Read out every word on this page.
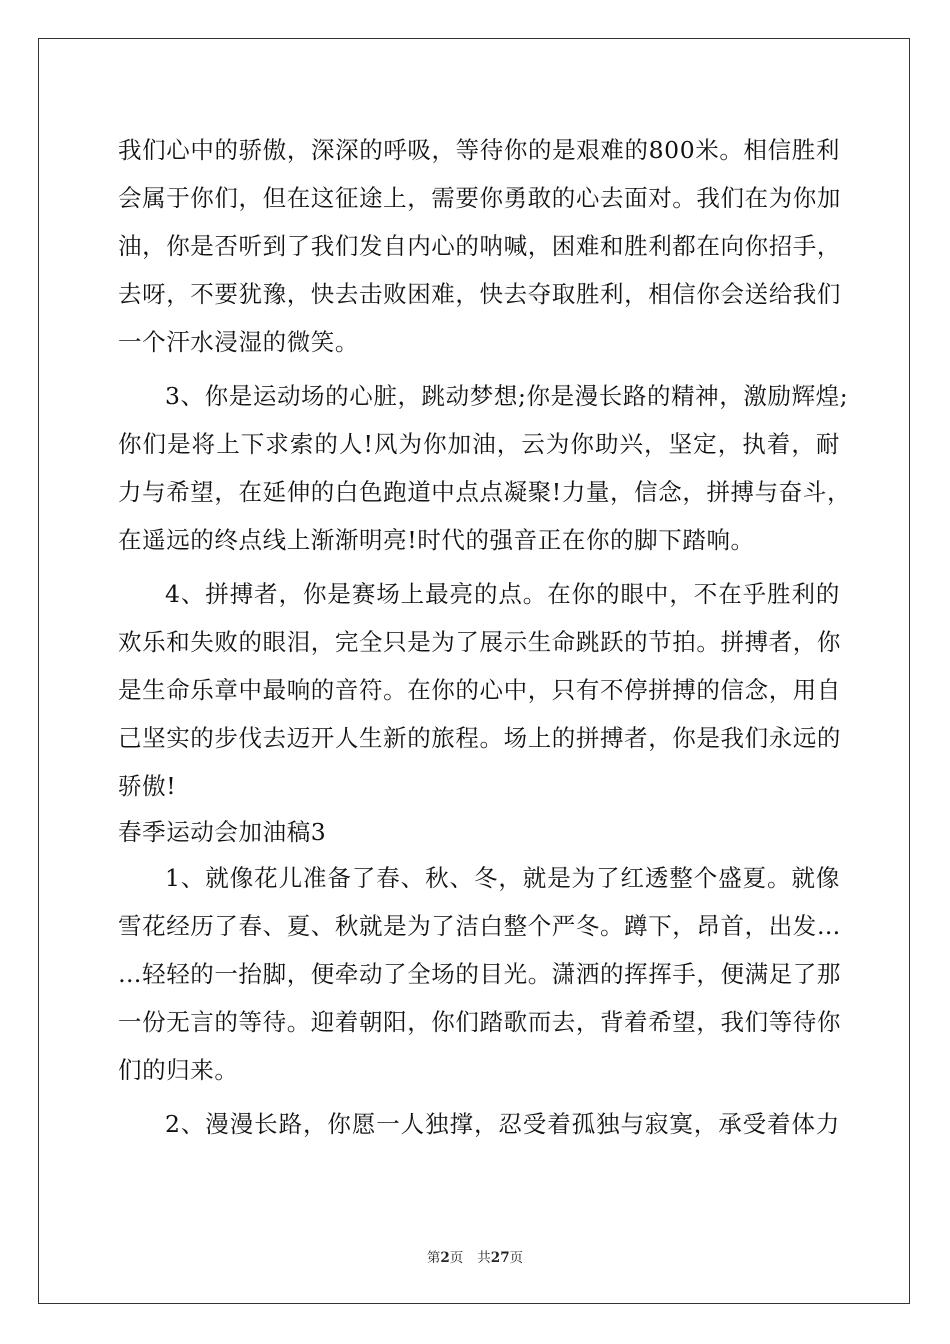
我们心中的骄傲，深深的呼吸，等待你的是艰难的800米。相信胜利
会属于你们，但在这征途上，需要你勇敢的心去面对。我们在为你加
油，你是否听到了我们发自内心的呐喊，困难和胜利都在向你招手，
去呀，不要犹豫，快去击败困难，快去夺取胜利，相信你会送给我们
一个汗水浸湿的微笑。
3、你是运动场的心脏，跳动梦想;你是漫长路的精神，激励辉煌;
你们是将上下求索的人!风为你加油，云为你助兴，坚定，执着，耐
力与希望，在延伸的白色跑道中点点凝聚!力量，信念，拼搏与奋斗，
在遥远的终点线上渐渐明亮!时代的强音正在你的脚下踏响。
4、拼搏者，你是赛场上最亮的点。在你的眼中，不在乎胜利的
欢乐和失败的眼泪，完全只是为了展示生命跳跃的节拍。拼搏者，你
是生命乐章中最响的音符。在你的心中，只有不停拼搏的信念，用自
己坚实的步伐去迈开人生新的旅程。场上的拼搏者，你是我们永远的
骄傲!
春季运动会加油稿3
1、就像花儿准备了春、秋、冬，就是为了红透整个盛夏。就像
雪花经历了春、夏、秋就是为了洁白整个严冬。蹲下，昂首，出发…
…轻轻的一抬脚，便牵动了全场的目光。潇洒的挥挥手，便满足了那
一份无言的等待。迎着朝阳，你们踏歌而去，背着希望，我们等待你
们的归来。
2、漫漫长路，你愿一人独撑，忍受着孤独与寂寞，承受着体力
第2页 共27页
